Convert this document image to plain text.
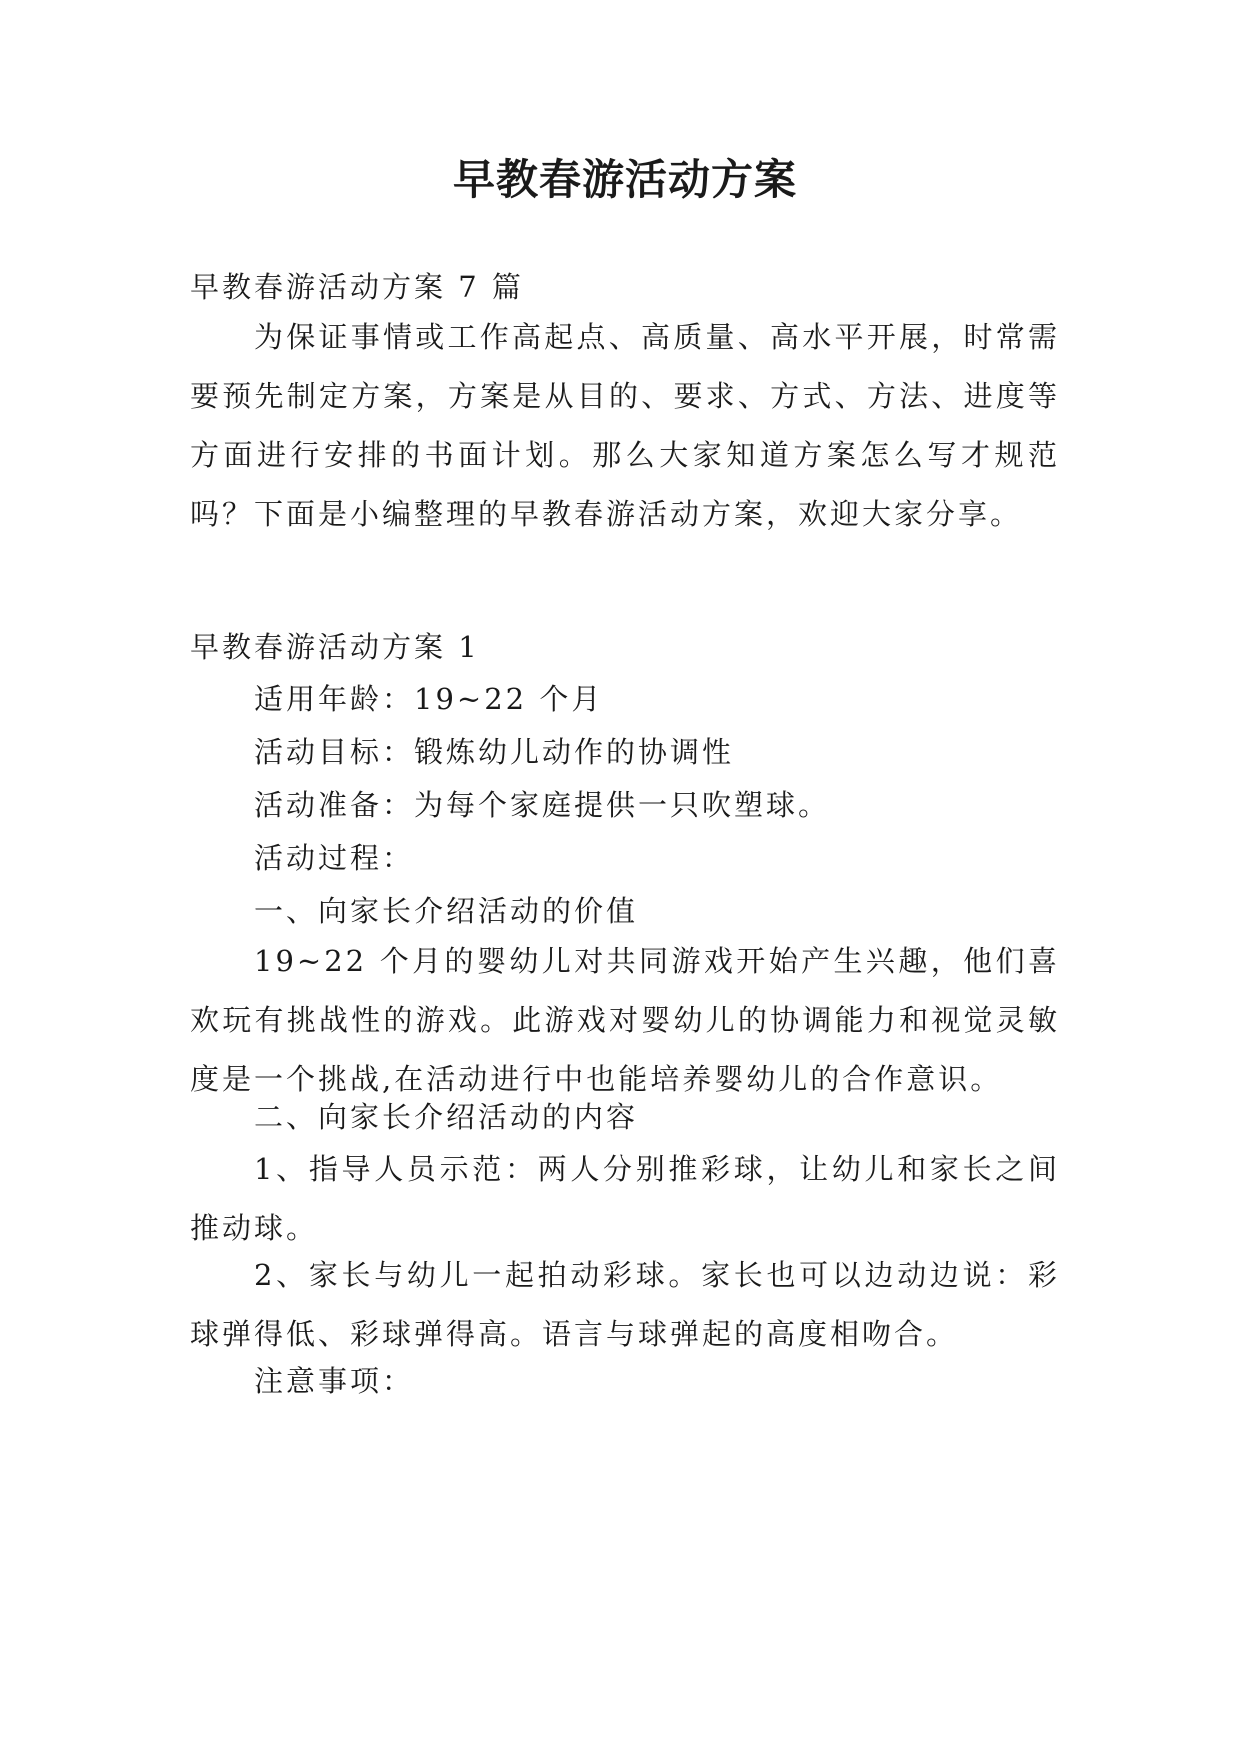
早教春游活动方案

早教春游活动方案 7 篇

为保证事情或工作高起点、高质量、高水平开展，时常需要预先制定方案，方案是从目的、要求、方式、方法、进度等方面进行安排的书面计划。那么大家知道方案怎么写才规范吗？下面是小编整理的早教春游活动方案，欢迎大家分享。

早教春游活动方案 1

适用年龄：19~22 个月

活动目标：锻炼幼儿动作的协调性

活动准备：为每个家庭提供一只吹塑球。

活动过程：

一、向家长介绍活动的价值

19~22 个月的婴幼儿对共同游戏开始产生兴趣，他们喜欢玩有挑战性的游戏。此游戏对婴幼儿的协调能力和视觉灵敏度是一个挑战,在活动进行中也能培养婴幼儿的合作意识。

二、向家长介绍活动的内容

1、指导人员示范：两人分别推彩球，让幼儿和家长之间推动球。

2、家长与幼儿一起拍动彩球。家长也可以边动边说：彩球弹得低、彩球弹得高。语言与球弹起的高度相吻合。

注意事项：
